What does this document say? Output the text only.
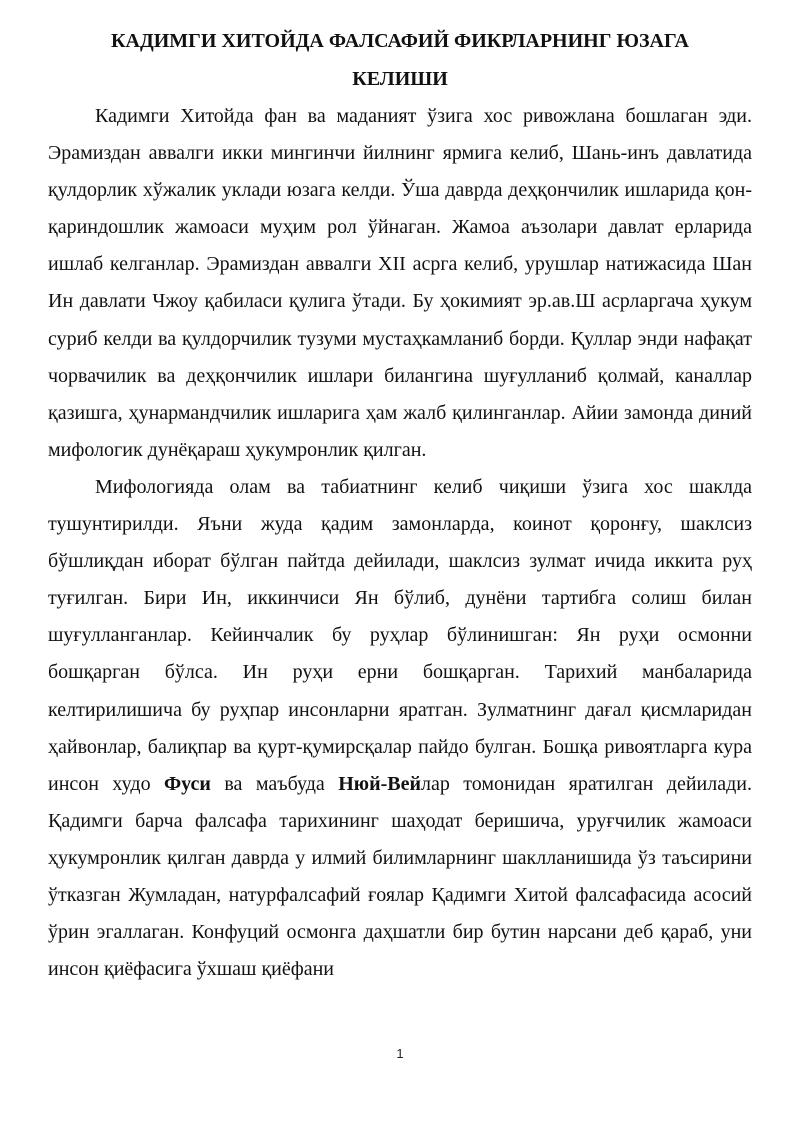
КАДИМГИ ХИТОЙДА ФАЛСАФИЙ ФИКРЛАРНИНГ ЮЗАГА КЕЛИШИ

Кадимги Хитойда фан ва маданият ўзига хос ривожлана бошлаган эди. Эрамиздан аввалги икки мингинчи йилнинг ярмига келиб, Шань-инъ давлатида қулдорлик хўжалик уклади юзага келди. Ўша даврда деҳқончилик ишларида қон-қариндошлик жамоаси муҳим рол ўйнаган. Жамоа аъзолари давлат ерларида ишлаб келганлар. Эрамиздан аввалги XII асрга келиб, урушлар натижасида Шан Ин давлати Чжоу қабиласи қулига ўтади. Бу ҳокимият эр.ав.Ш асрларгача ҳукум суриб келди ва қулдорчилик тузуми мустаҳкамланиб борди. Қуллар энди нафақат чорвачилик ва деҳқончилик ишлари билангина шуғулланиб қолмай, каналлар қазишга, ҳунармандчилик ишларига ҳам жалб қилинганлар. Айии замонда диний мифологик дунёқараш ҳукумронлик қилган.

Мифологияда олам ва табиатнинг келиб чиқиши ўзига хос шаклда тушунтирилди. Яъни жуда қадим замонларда, коинот қоронғу, шаклсиз бўшлиқдан иборат бўлган пайтда дейилади, шаклсиз зулмат ичида иккита руҳ туғилган. Бири Ин, иккинчиси Ян бўлиб, дунёни тартибга солиш билан шуғулланганлар. Кейинчалик бу руҳлар бўлинишган: Ян руҳи осмонни бошқарган бўлса. Ин руҳи ерни бошқарган. Тарихий манбаларида келтирилишича бу руҳпар инсонларни яратган. Зулматнинг дағал қисмларидан ҳайвонлар, балиқпар ва қурт-қумирсқалар пайдо булган. Бошқа ривоятларга кура инсон худо Фуси ва маъбуда Нюй-Вейлар томонидан яратилган дейилади. Қадимги барча фалсафа тарихининг шаҳодат беришича, уруғчилик жамоаси ҳукумронлик қилган даврда у илмий билимларнинг шаклланишида ўз таъсирини ўтказган Жумладан, натурфалсафий ғоялар Қадимги Хитой фалсафасида асосий ўрин эгаллаган. Конфуций осмонга даҳшатли бир бутин нарсани деб қараб, уни инсон қиёфасига ўхшаш қиёфани

1
